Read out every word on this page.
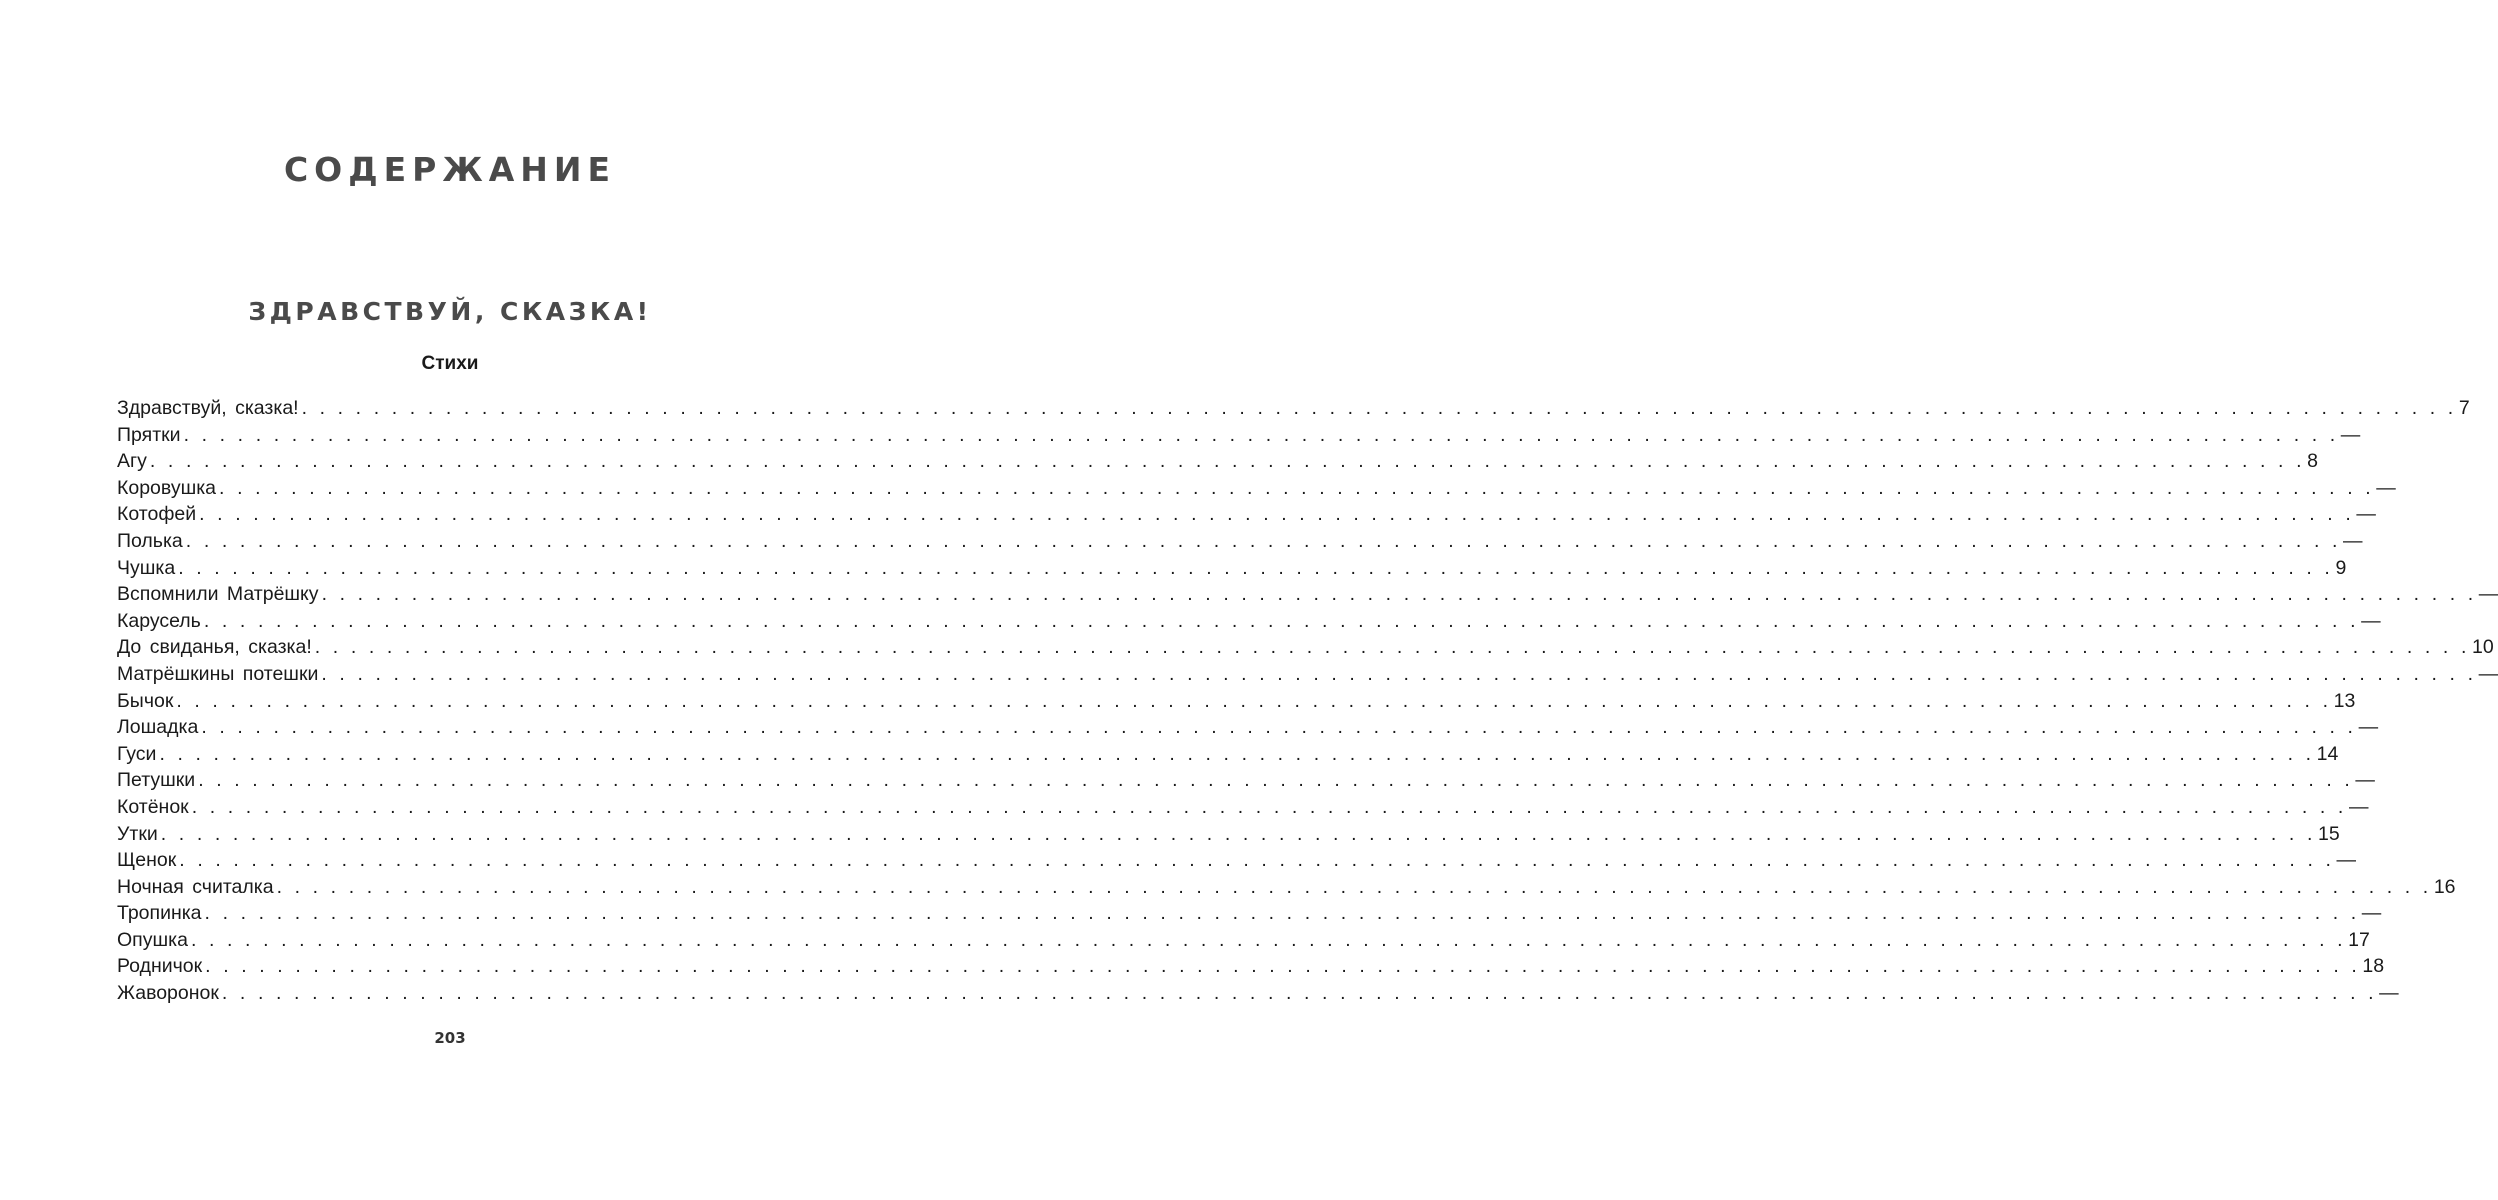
СОДЕРЖАНИЕ
ЗДРАВСТВУЙ, СКАЗКА!
Стихи
Здравствуй, сказка! . . . . . . . . . . . . . . . . . . . . . . . . . . . . . . . . . . . . . . . . . . . . . . . . . . . . . . . . . . . . . . . . . . . . . . . . . . . . . . . . . . . . . . . . . . . . . . . . . . . . . . . . . . . . . . . . . . . . . . . . 7
Прятки . . . . . . . . . . . . . . . . . . . . . . . . . . . . . . . . . . . . . . . . . . . . . . . . . . . . . . . . . . . . . . . . . . . . . . . . . . . . . . . . . . . . . . . . . . . . . . . . . . . . . . . . . . . . . . . . . . . . . . . . —
Агу . . . . . . . . . . . . . . . . . . . . . . . . . . . . . . . . . . . . . . . . . . . . . . . . . . . . . . . . . . . . . . . . . . . . . . . . . . . . . . . . . . . . . . . . . . . . . . . . . . . . . . . . . . . . . . . . . . . . . . . . 8
Коровушка . . . . . . . . . . . . . . . . . . . . . . . . . . . . . . . . . . . . . . . . . . . . . . . . . . . . . . . . . . . . . . . . . . . . . . . . . . . . . . . . . . . . . . . . . . . . . . . . . . . . . . . . . . . . . . . . . . . . . . . . —
Котофей . . . . . . . . . . . . . . . . . . . . . . . . . . . . . . . . . . . . . . . . . . . . . . . . . . . . . . . . . . . . . . . . . . . . . . . . . . . . . . . . . . . . . . . . . . . . . . . . . . . . . . . . . . . . . . . . . . . . . . . . —
Полька . . . . . . . . . . . . . . . . . . . . . . . . . . . . . . . . . . . . . . . . . . . . . . . . . . . . . . . . . . . . . . . . . . . . . . . . . . . . . . . . . . . . . . . . . . . . . . . . . . . . . . . . . . . . . . . . . . . . . . . . —
Чушка . . . . . . . . . . . . . . . . . . . . . . . . . . . . . . . . . . . . . . . . . . . . . . . . . . . . . . . . . . . . . . . . . . . . . . . . . . . . . . . . . . . . . . . . . . . . . . . . . . . . . . . . . . . . . . . . . . . . . . . . 9
Вспомнили Матрёшку . . . . . . . . . . . . . . . . . . . . . . . . . . . . . . . . . . . . . . . . . . . . . . . . . . . . . . . . . . . . . . . . . . . . . . . . . . . . . . . . . . . . . . . . . . . . . . . . . . . . . . . . . . . . . . . . . . . . . . . . —
Карусель . . . . . . . . . . . . . . . . . . . . . . . . . . . . . . . . . . . . . . . . . . . . . . . . . . . . . . . . . . . . . . . . . . . . . . . . . . . . . . . . . . . . . . . . . . . . . . . . . . . . . . . . . . . . . . . . . . . . . . . . —
До свиданья, сказка! . . . . . . . . . . . . . . . . . . . . . . . . . . . . . . . . . . . . . . . . . . . . . . . . . . . . . . . . . . . . . . . . . . . . . . . . . . . . . . . . . . . . . . . . . . . . . . . . . . . . . . . . . . . . . . . . . . . . . . . . 10
Матрёшкины потешки . . . . . . . . . . . . . . . . . . . . . . . . . . . . . . . . . . . . . . . . . . . . . . . . . . . . . . . . . . . . . . . . . . . . . . . . . . . . . . . . . . . . . . . . . . . . . . . . . . . . . . . . . . . . . . . . . . . . . . . . —
Бычок . . . . . . . . . . . . . . . . . . . . . . . . . . . . . . . . . . . . . . . . . . . . . . . . . . . . . . . . . . . . . . . . . . . . . . . . . . . . . . . . . . . . . . . . . . . . . . . . . . . . . . . . . . . . . . . . . . . . . . . . 13
Лошадка . . . . . . . . . . . . . . . . . . . . . . . . . . . . . . . . . . . . . . . . . . . . . . . . . . . . . . . . . . . . . . . . . . . . . . . . . . . . . . . . . . . . . . . . . . . . . . . . . . . . . . . . . . . . . . . . . . . . . . . . —
Гуси . . . . . . . . . . . . . . . . . . . . . . . . . . . . . . . . . . . . . . . . . . . . . . . . . . . . . . . . . . . . . . . . . . . . . . . . . . . . . . . . . . . . . . . . . . . . . . . . . . . . . . . . . . . . . . . . . . . . . . . . 14
Петушки . . . . . . . . . . . . . . . . . . . . . . . . . . . . . . . . . . . . . . . . . . . . . . . . . . . . . . . . . . . . . . . . . . . . . . . . . . . . . . . . . . . . . . . . . . . . . . . . . . . . . . . . . . . . . . . . . . . . . . . . —
Котёнок . . . . . . . . . . . . . . . . . . . . . . . . . . . . . . . . . . . . . . . . . . . . . . . . . . . . . . . . . . . . . . . . . . . . . . . . . . . . . . . . . . . . . . . . . . . . . . . . . . . . . . . . . . . . . . . . . . . . . . . . —
Утки . . . . . . . . . . . . . . . . . . . . . . . . . . . . . . . . . . . . . . . . . . . . . . . . . . . . . . . . . . . . . . . . . . . . . . . . . . . . . . . . . . . . . . . . . . . . . . . . . . . . . . . . . . . . . . . . . . . . . . . . 15
Щенок . . . . . . . . . . . . . . . . . . . . . . . . . . . . . . . . . . . . . . . . . . . . . . . . . . . . . . . . . . . . . . . . . . . . . . . . . . . . . . . . . . . . . . . . . . . . . . . . . . . . . . . . . . . . . . . . . . . . . . . . —
Ночная считалка . . . . . . . . . . . . . . . . . . . . . . . . . . . . . . . . . . . . . . . . . . . . . . . . . . . . . . . . . . . . . . . . . . . . . . . . . . . . . . . . . . . . . . . . . . . . . . . . . . . . . . . . . . . . . . . . . . . . . . . . 16
Тропинка . . . . . . . . . . . . . . . . . . . . . . . . . . . . . . . . . . . . . . . . . . . . . . . . . . . . . . . . . . . . . . . . . . . . . . . . . . . . . . . . . . . . . . . . . . . . . . . . . . . . . . . . . . . . . . . . . . . . . . . . —
Опушка . . . . . . . . . . . . . . . . . . . . . . . . . . . . . . . . . . . . . . . . . . . . . . . . . . . . . . . . . . . . . . . . . . . . . . . . . . . . . . . . . . . . . . . . . . . . . . . . . . . . . . . . . . . . . . . . . . . . . . . . 17
Родничок . . . . . . . . . . . . . . . . . . . . . . . . . . . . . . . . . . . . . . . . . . . . . . . . . . . . . . . . . . . . . . . . . . . . . . . . . . . . . . . . . . . . . . . . . . . . . . . . . . . . . . . . . . . . . . . . . . . . . . . . 18
Жаворонок . . . . . . . . . . . . . . . . . . . . . . . . . . . . . . . . . . . . . . . . . . . . . . . . . . . . . . . . . . . . . . . . . . . . . . . . . . . . . . . . . . . . . . . . . . . . . . . . . . . . . . . . . . . . . . . . . . . . . . . . —
203
